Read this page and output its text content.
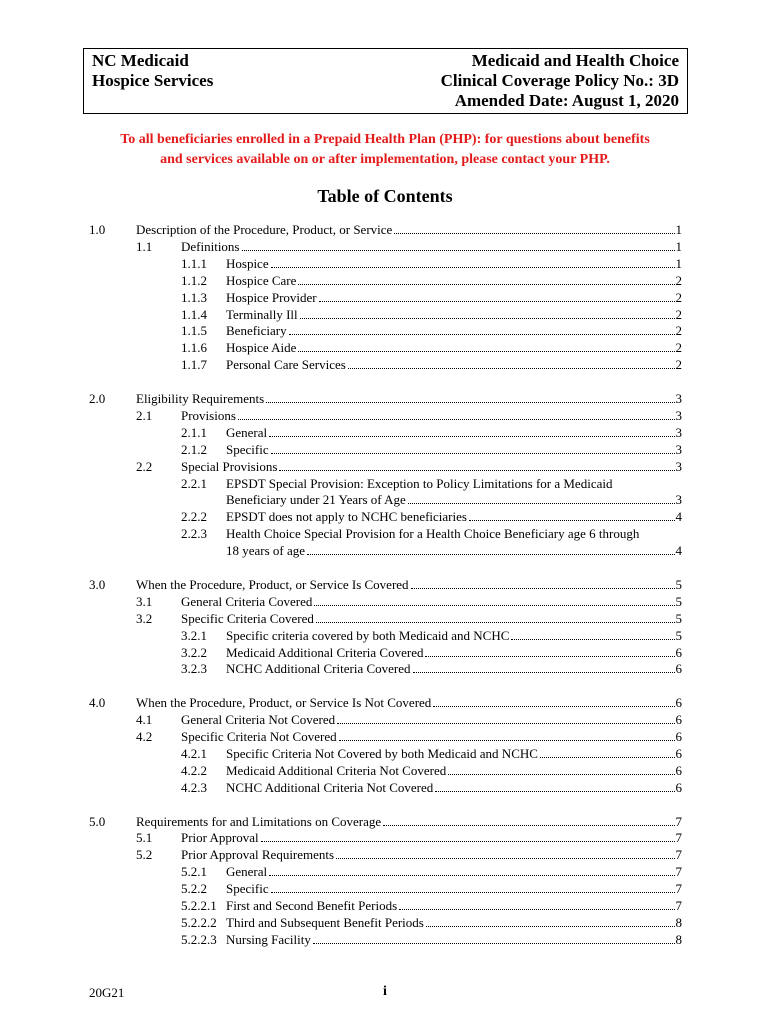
NC Medicaid
Hospice Services
Medicaid and Health Choice
Clinical Coverage Policy No.: 3D
Amended Date: August 1, 2020
To all beneficiaries enrolled in a Prepaid Health Plan (PHP): for questions about benefits
and services available on or after implementation, please contact your PHP.
Table of Contents
1.0 Description of the Procedure, Product, or Service	1
1.1 Definitions	1
1.1.1 Hospice	1
1.1.2 Hospice Care	2
1.1.3 Hospice Provider	2
1.1.4 Terminally Ill	2
1.1.5 Beneficiary	2
1.1.6 Hospice Aide	2
1.1.7 Personal Care Services	2
2.0 Eligibility Requirements	3
2.1 Provisions	3
2.1.1 General	3
2.1.2 Specific	3
2.2 Special Provisions	3
2.2.1 EPSDT Special Provision: Exception to Policy Limitations for a Medicaid
Beneficiary under 21 Years of Age	3
2.2.2 EPSDT does not apply to NCHC beneficiaries	4
2.2.3 Health Choice Special Provision for a Health Choice Beneficiary age 6 through
18 years of age	4
3.0 When the Procedure, Product, or Service Is Covered	5
3.1 General Criteria Covered	5
3.2 Specific Criteria Covered	5
3.2.1 Specific criteria covered by both Medicaid and NCHC	5
3.2.2 Medicaid Additional Criteria Covered	6
3.2.3 NCHC Additional Criteria Covered	6
4.0 When the Procedure, Product, or Service Is Not Covered	6
4.1 General Criteria Not Covered	6
4.2 Specific Criteria Not Covered	6
4.2.1 Specific Criteria Not Covered by both Medicaid and NCHC	6
4.2.2 Medicaid Additional Criteria Not Covered	6
4.2.3 NCHC Additional Criteria Not Covered	6
5.0 Requirements for and Limitations on Coverage	7
5.1 Prior Approval	7
5.2 Prior Approval Requirements	7
5.2.1 General	7
5.2.2 Specific	7
5.2.2.1 First and Second Benefit Periods	7
5.2.2.2 Third and Subsequent Benefit Periods	8
5.2.2.3 Nursing Facility	8
20G21	i
